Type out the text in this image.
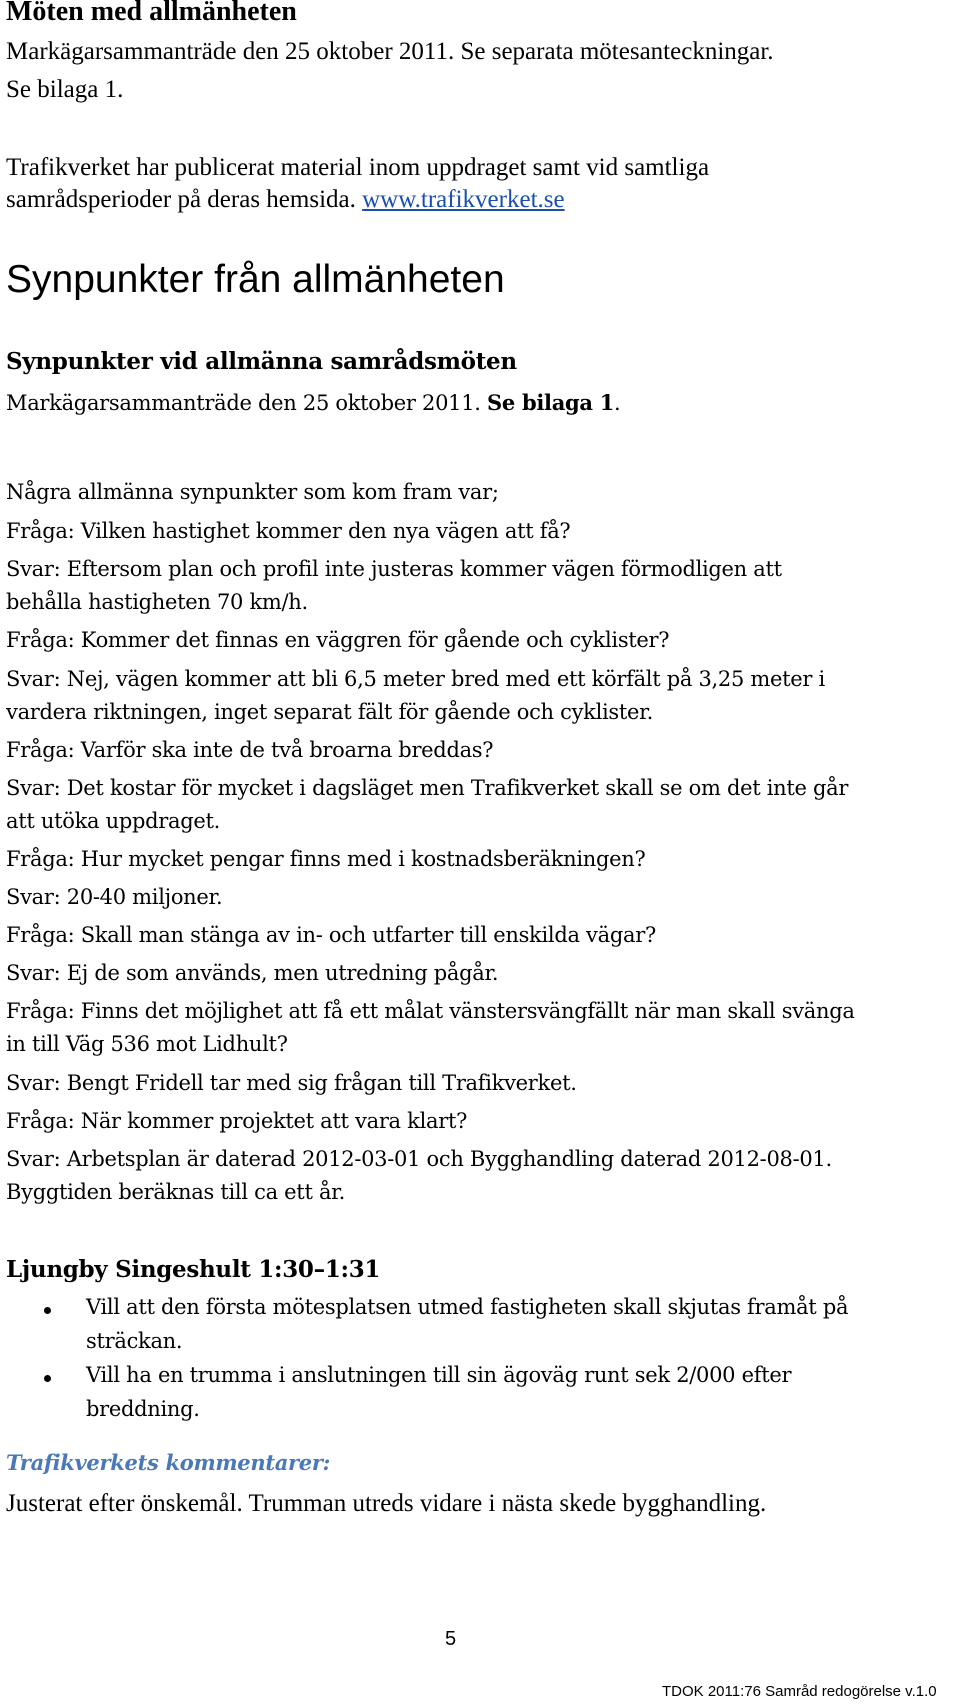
Möten med allmänheten
Markägarsammanträde den 25 oktober 2011. Se separata mötesanteckningar.
Se bilaga 1.
Trafikverket har publicerat material inom uppdraget samt vid samtliga
samrådsperioder på deras hemsida. www.trafikverket.se
Synpunkter från allmänheten
Synpunkter vid allmänna samrådsmöten
Markägarsammanträde den 25 oktober 2011. Se bilaga 1.
Några allmänna synpunkter som kom fram var;
Fråga: Vilken hastighet kommer den nya vägen att få?
Svar: Eftersom plan och profil inte justeras kommer vägen förmodligen att
behålla hastigheten 70 km/h.
Fråga: Kommer det finnas en väggren för gående och cyklister?
Svar: Nej, vägen kommer att bli 6,5 meter bred med ett körfält på 3,25 meter i
vardera riktningen, inget separat fält för gående och cyklister.
Fråga: Varför ska inte de två broarna breddas?
Svar: Det kostar för mycket i dagsläget men Trafikverket skall se om det inte går
att utöka uppdraget.
Fråga: Hur mycket pengar finns med i kostnadsberäkningen?
Svar: 20-40 miljoner.
Fråga: Skall man stänga av in- och utfarter till enskilda vägar?
Svar: Ej de som används, men utredning pågår.
Fråga: Finns det möjlighet att få ett målat vänstersvängfällt när man skall svänga
in till Väg 536 mot Lidhult?
Svar: Bengt Fridell tar med sig frågan till Trafikverket.
Fråga: När kommer projektet att vara klart?
Svar: Arbetsplan är daterad 2012-03-01 och Bygghandling daterad 2012-08-01.
Byggtiden beräknas till ca ett år.
Ljungby Singeshult 1:30–1:31
Vill att den första mötesplatsen utmed fastigheten skall skjutas framåt på
sträckan.
Vill ha en trumma i anslutningen till sin ägoväg runt sek 2/000 efter
breddning.
Trafikverkets kommentarer:
Justerat efter önskemål. Trumman utreds vidare i nästa skede bygghandling.
5
TDOK 2011:76 Samråd redogörelse v.1.0
